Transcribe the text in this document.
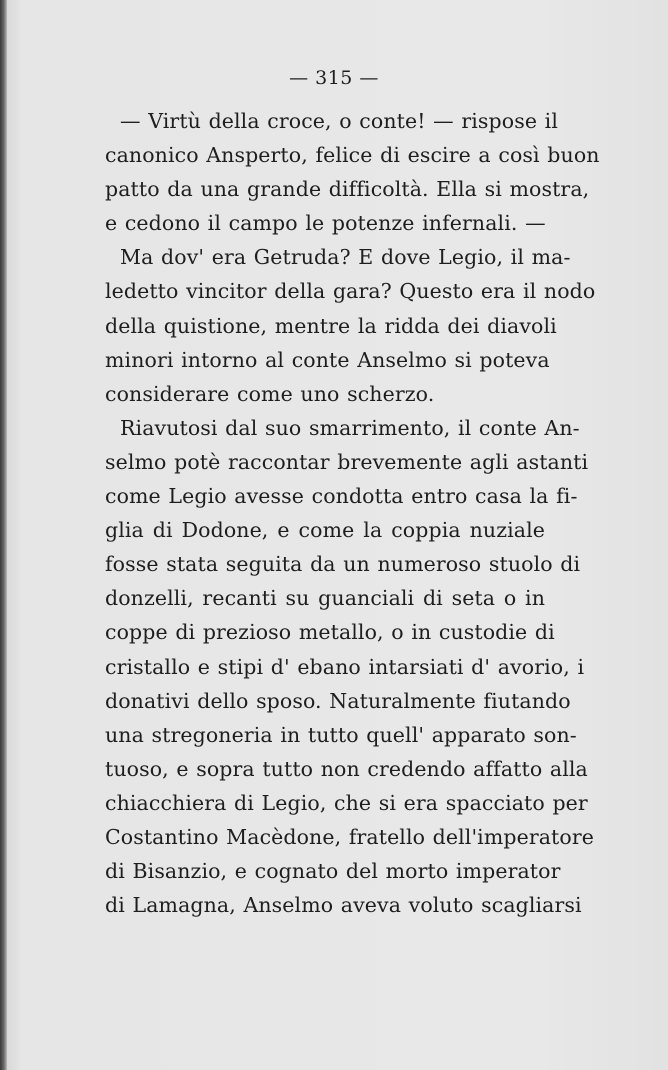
— 315 —
— Virtù della croce, o conte! — rispose il
canonico Ansperto, felice di escire a così buon
patto da una grande difficoltà. Ella si mostra,
e cedono il campo le potenze infernali. —
Ma dov' era Getruda? E dove Legio, il ma-
ledetto vincitor della gara? Questo era il nodo
della quistione, mentre la ridda dei diavoli
minori intorno al conte Anselmo si poteva
considerare come uno scherzo.
Riavutosi dal suo smarrimento, il conte An-
selmo potè raccontar brevemente agli astanti
come Legio avesse condotta entro casa la fi-
glia di Dodone, e come la coppia nuziale
fosse stata seguita da un numeroso stuolo di
donzelli, recanti su guanciali di seta o in
coppe di prezioso metallo, o in custodie di
cristallo e stipi d' ebano intarsiati d' avorio, i
donativi dello sposo. Naturalmente fiutando
una stregoneria in tutto quell' apparato son-
tuoso, e sopra tutto non credendo affatto alla
chiacchiera di Legio, che si era spacciato per
Costantino Macèdone, fratello dell'imperatore
di Bisanzio, e cognato del morto imperator
di Lamagna, Anselmo aveva voluto scagliarsi
